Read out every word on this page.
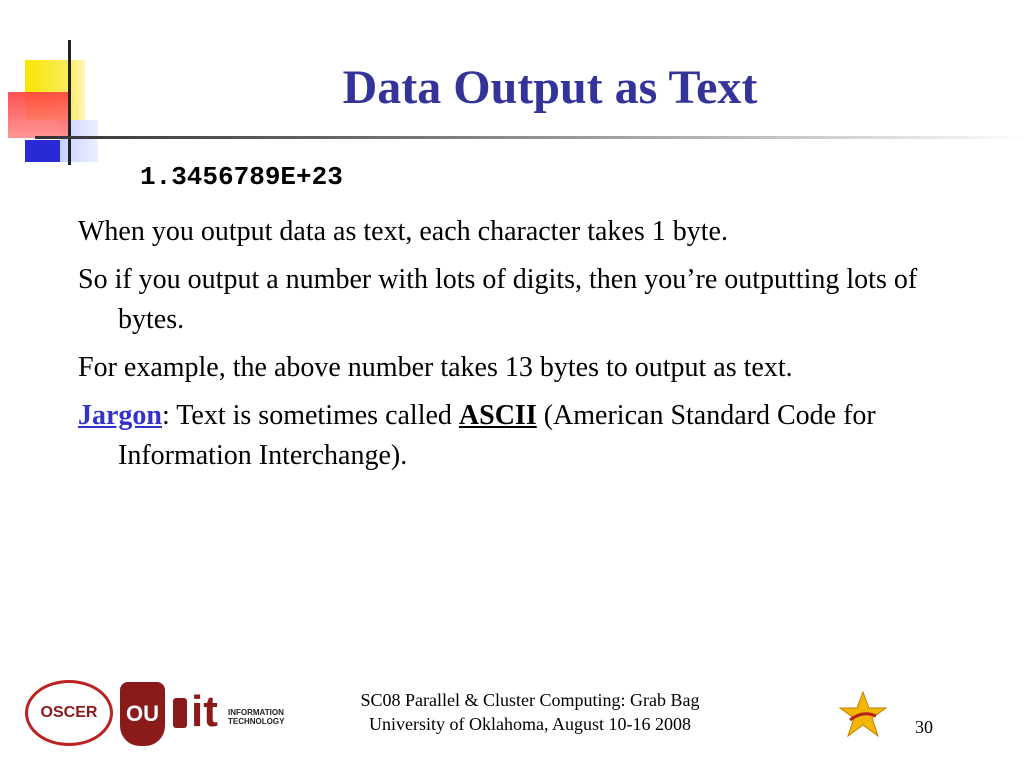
Data Output as Text

1.3456789E+23

When you output data as text, each character takes 1 byte.
So if you output a number with lots of digits, then you’re outputting lots of bytes.
For example, the above number takes 13 bytes to output as text.
Jargon: Text is sometimes called ASCII (American Standard Code for Information Interchange).
OSCER OU it INFORMATION
TECHNOLOGY
SC08 Parallel & Cluster Computing: Grab Bag
University of Oklahoma, August 10-16 2008	30
